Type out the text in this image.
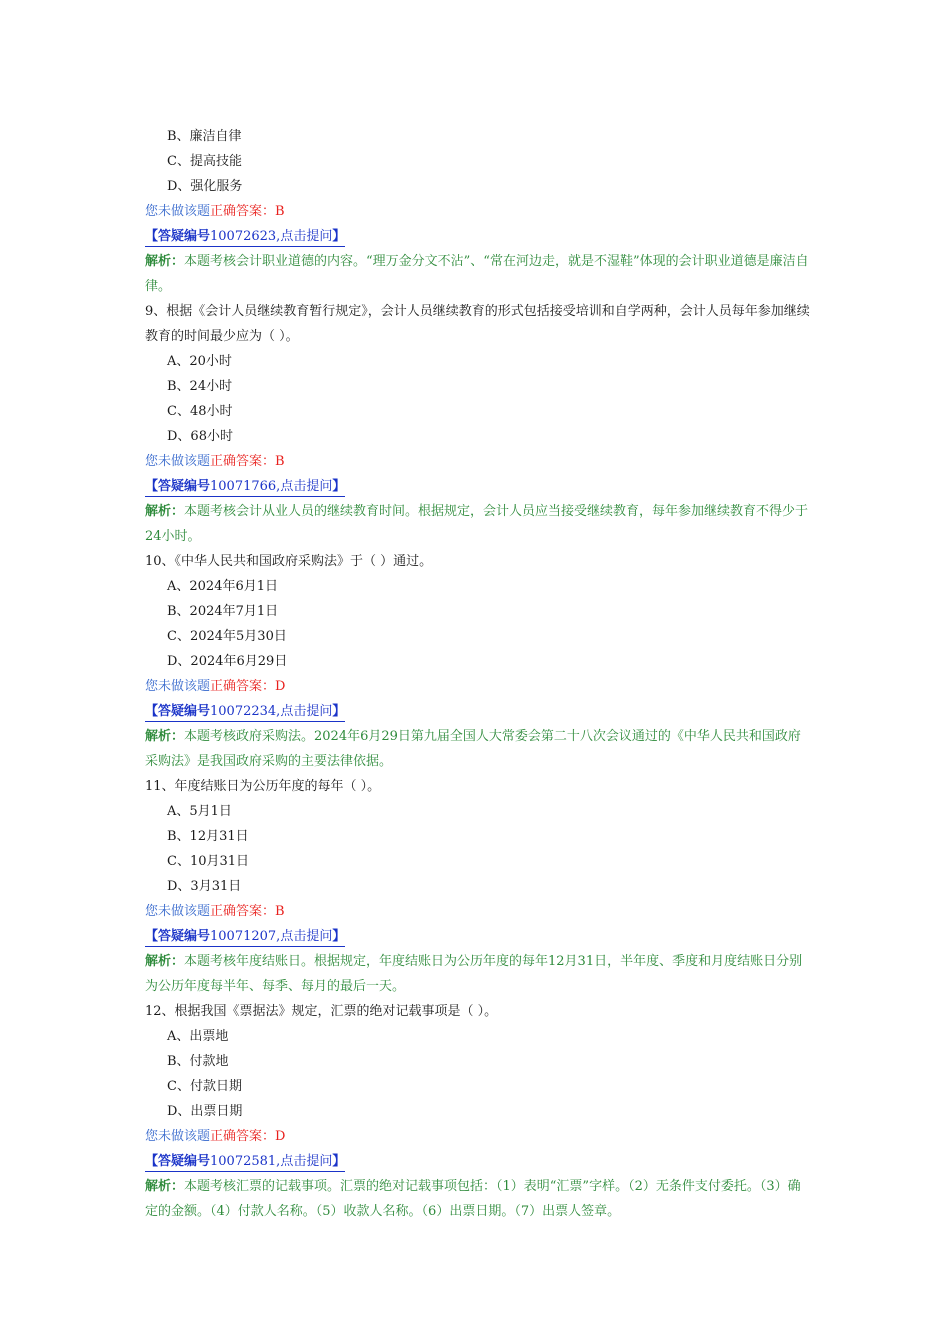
B、廉洁自律
C、提高技能
D、强化服务
您未做该题正确答案：B
【答疑编号10072623,点击提问】
解析：本题考核会计职业道德的内容。“理万金分文不沾”、“常在河边走，就是不湿鞋”体现的会计职业道德是廉洁自律。
9、根据《会计人员继续教育暂行规定》，会计人员继续教育的形式包括接受培训和自学两种，会计人员每年参加继续教育的时间最少应为（ ）。
A、20小时
B、24小时
C、48小时
D、68小时
您未做该题正确答案：B
【答疑编号10071766,点击提问】
解析：本题考核会计从业人员的继续教育时间。根据规定，会计人员应当接受继续教育，每年参加继续教育不得少于24小时。
10、《中华人民共和国政府采购法》于（ ）通过。
A、2024年6月1日
B、2024年7月1日
C、2024年5月30日
D、2024年6月29日
您未做该题正确答案：D
【答疑编号10072234,点击提问】
解析：本题考核政府采购法。2024年6月29日第九届全国人大常委会第二十八次会议通过的《中华人民共和国政府采购法》是我国政府采购的主要法律依据。
11、年度结账日为公历年度的每年（ ）。
A、5月1日
B、12月31日
C、10月31日
D、3月31日
您未做该题正确答案：B
【答疑编号10071207,点击提问】
解析：本题考核年度结账日。根据规定，年度结账日为公历年度的每年12月31日，半年度、季度和月度结账日分别为公历年度每半年、每季、每月的最后一天。
12、根据我国《票据法》规定，汇票的绝对记载事项是（ ）。
A、出票地
B、付款地
C、付款日期
D、出票日期
您未做该题正确答案：D
【答疑编号10072581,点击提问】
解析：本题考核汇票的记载事项。汇票的绝对记载事项包括：（1）表明“汇票”字样。（2）无条件支付委托。（3）确定的金额。（4）付款人名称。（5）收款人名称。（6）出票日期。（7）出票人签章。
